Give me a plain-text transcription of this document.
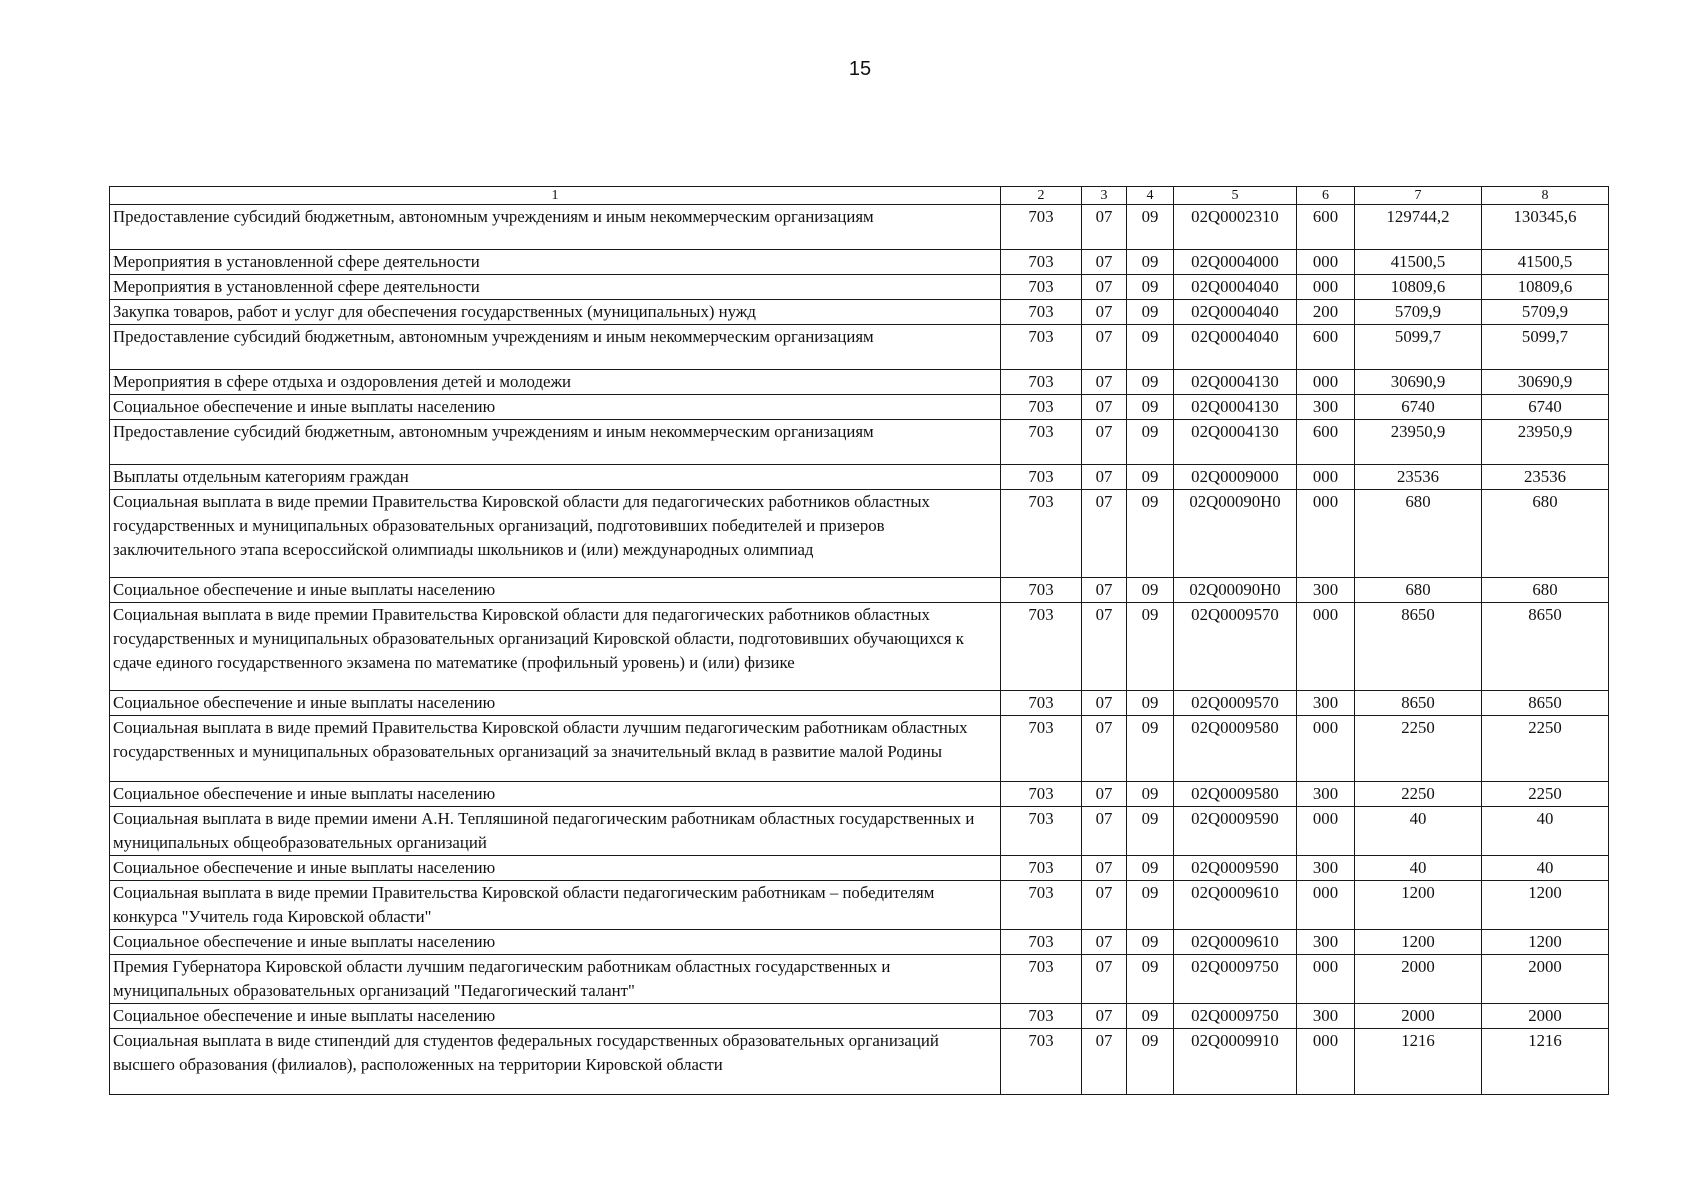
15
1	2	3	4	5	6	7	8
Предоставление субсидий бюджетным, автономным учреждениям и иным некоммерческим организациям	703	07	09	02Q0002310	600	129744,2	130345,6
Мероприятия в установленной сфере деятельности	703	07	09	02Q0004000	000	41500,5	41500,5
Мероприятия в установленной сфере деятельности	703	07	09	02Q0004040	000	10809,6	10809,6
Закупка товаров, работ и услуг для обеспечения государственных (муниципальных) нужд	703	07	09	02Q0004040	200	5709,9	5709,9
Предоставление субсидий бюджетным, автономным учреждениям и иным некоммерческим организациям	703	07	09	02Q0004040	600	5099,7	5099,7
Мероприятия в сфере отдыха и оздоровления детей и молодежи	703	07	09	02Q0004130	000	30690,9	30690,9
Социальное обеспечение и иные выплаты населению	703	07	09	02Q0004130	300	6740	6740
Предоставление субсидий бюджетным, автономным учреждениям и иным некоммерческим организациям	703	07	09	02Q0004130	600	23950,9	23950,9
Выплаты отдельным категориям граждан	703	07	09	02Q0009000	000	23536	23536
Социальная выплата в виде премии Правительства Кировской области для педагогических работников областных государственных и муниципальных образовательных организаций, подготовивших победителей и призеров заключительного этапа всероссийской олимпиады школьников и (или) международных олимпиад	703	07	09	02Q00090H0	000	680	680
Социальное обеспечение и иные выплаты населению	703	07	09	02Q00090H0	300	680	680
Социальная выплата в виде премии Правительства Кировской области для педагогических работников областных государственных и муниципальных образовательных организаций Кировской области, подготовивших обучающихся к сдаче единого государственного экзамена по математике (профильный уровень) и (или) физике	703	07	09	02Q0009570	000	8650	8650
Социальное обеспечение и иные выплаты населению	703	07	09	02Q0009570	300	8650	8650
Социальная выплата в виде премий Правительства Кировской области лучшим педагогическим работникам областных государственных и муниципальных образовательных организаций за значительный вклад в развитие малой Родины	703	07	09	02Q0009580	000	2250	2250
Социальное обеспечение и иные выплаты населению	703	07	09	02Q0009580	300	2250	2250
Социальная выплата в виде премии имени А.Н. Тепляшиной педагогическим работникам областных государственных и муниципальных общеобразовательных организаций	703	07	09	02Q0009590	000	40	40
Социальное обеспечение и иные выплаты населению	703	07	09	02Q0009590	300	40	40
Социальная выплата в виде премии Правительства Кировской области педагогическим работникам – победителям конкурса "Учитель года Кировской области"	703	07	09	02Q0009610	000	1200	1200
Социальное обеспечение и иные выплаты населению	703	07	09	02Q0009610	300	1200	1200
Премия Губернатора Кировской области лучшим педагогическим работникам областных государственных и муниципальных образовательных организаций "Педагогический талант"	703	07	09	02Q0009750	000	2000	2000
Социальное обеспечение и иные выплаты населению	703	07	09	02Q0009750	300	2000	2000
Социальная выплата в виде стипендий для студентов федеральных государственных образовательных организаций высшего образования (филиалов), расположенных на территории Кировской области	703	07	09	02Q0009910	000	1216	1216
